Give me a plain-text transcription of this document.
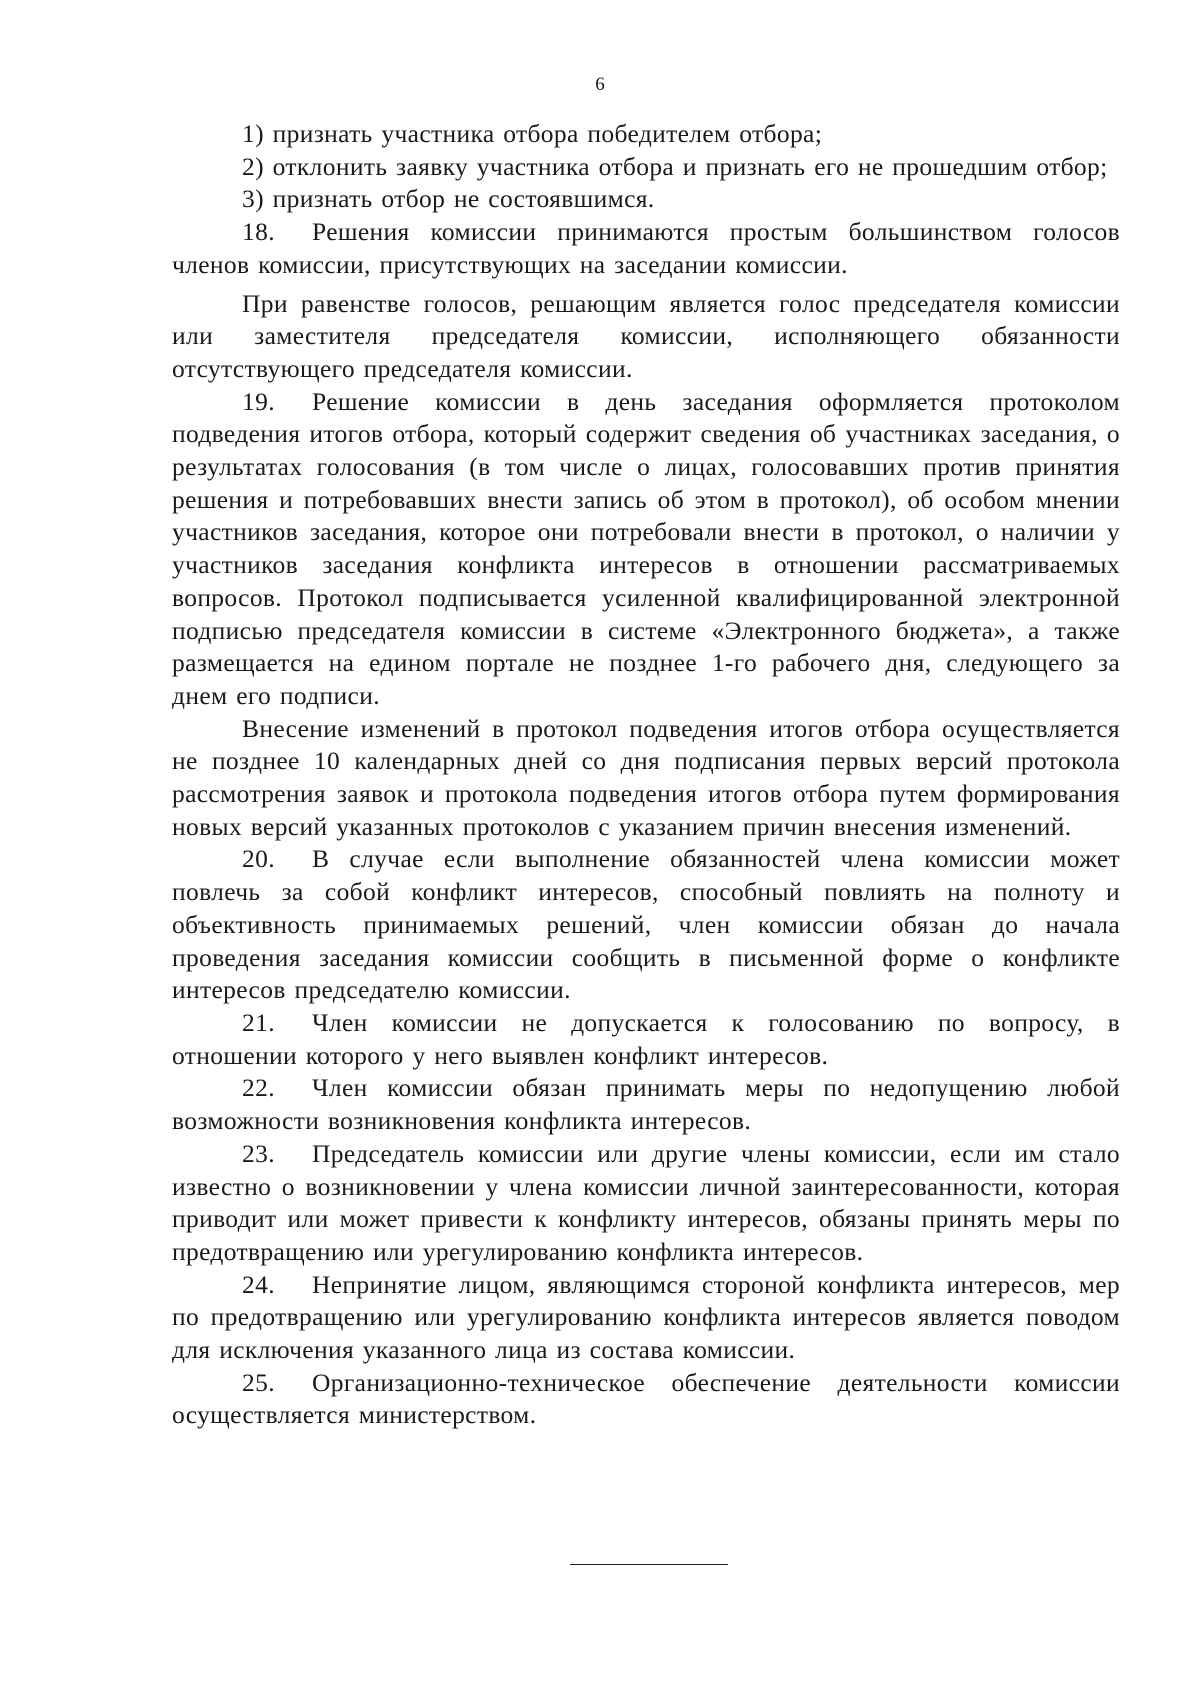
6

1) признать участника отбора победителем отбора;

2) отклонить заявку участника отбора и признать его не прошедшим отбор;

3) признать отбор не состоявшимся.

18. Решения комиссии принимаются простым большинством голосов членов комиссии, присутствующих на заседании комиссии.

При равенстве голосов, решающим является голос председателя комиссии или заместителя председателя комиссии, исполняющего обязанности отсутствующего председателя комиссии.

19. Решение комиссии в день заседания оформляется протоколом подведения итогов отбора, который содержит сведения об участниках заседания, о результатах голосования (в том числе о лицах, голосовавших против принятия решения и потребовавших внести запись об этом в протокол), об особом мнении участников заседания, которое они потребовали внести в протокол, о наличии у участников заседания конфликта интересов в отношении рассматриваемых вопросов. Протокол подписывается усиленной квалифицированной электронной подписью председателя комиссии в системе «Электронного бюджета», а также размещается на едином портале не позднее 1-го рабочего дня, следующего за днем его подписи.

Внесение изменений в протокол подведения итогов отбора осуществляется не позднее 10 календарных дней со дня подписания первых версий протокола рассмотрения заявок и протокола подведения итогов отбора путем формирования новых версий указанных протоколов с указанием причин внесения изменений.

20. В случае если выполнение обязанностей члена комиссии может повлечь за собой конфликт интересов, способный повлиять на полноту и объективность принимаемых решений, член комиссии обязан до начала проведения заседания комиссии сообщить в письменной форме о конфликте интересов председателю комиссии.

21. Член комиссии не допускается к голосованию по вопросу, в отношении которого у него выявлен конфликт интересов.

22. Член комиссии обязан принимать меры по недопущению любой возможности возникновения конфликта интересов.

23. Председатель комиссии или другие члены комиссии, если им стало известно о возникновении у члена комиссии личной заинтересованности, которая приводит или может привести к конфликту интересов, обязаны принять меры по предотвращению или урегулированию конфликта интересов.

24. Непринятие лицом, являющимся стороной конфликта интересов, мер по предотвращению или урегулированию конфликта интересов является поводом для исключения указанного лица из состава комиссии.

25. Организационно-техническое обеспечение деятельности комиссии осуществляется министерством.
